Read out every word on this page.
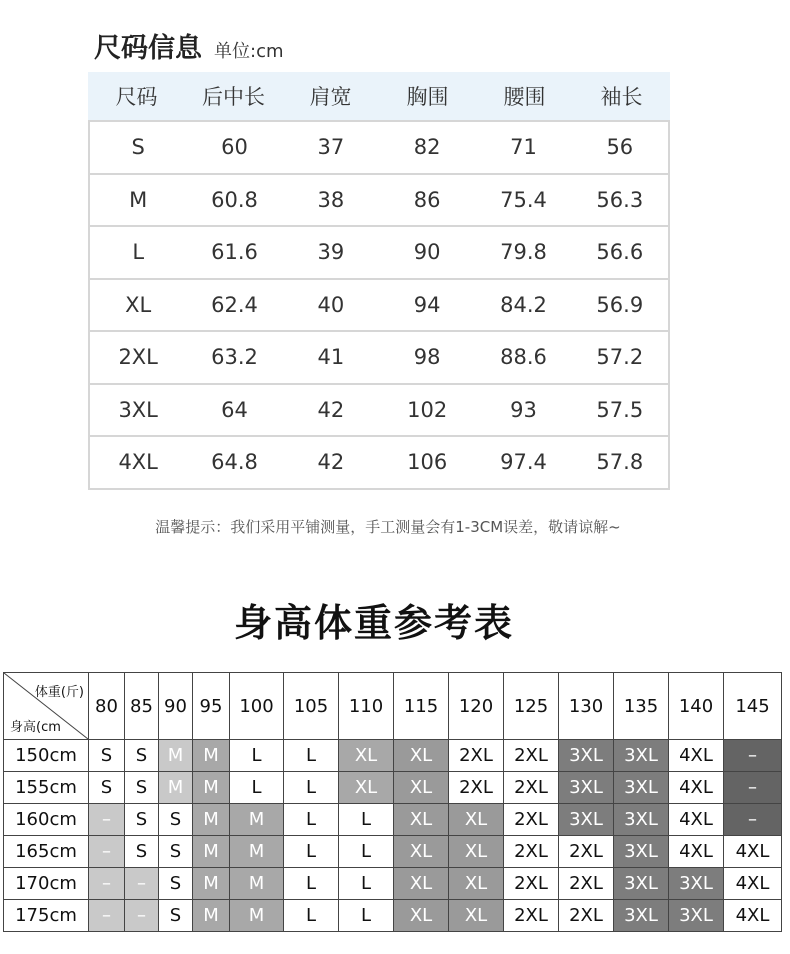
尺码信息 单位:cm
尺码	后中长	肩宽	胸围	腰围	袖长
S	60	37	82	71	56
M	60.8	38	86	75.4	56.3
L	61.6	39	90	79.8	56.6
XL	62.4	40	94	84.2	56.9
2XL	63.2	41	98	88.6	57.2
3XL	64	42	102	93	57.5
4XL	64.8	42	106	97.4	57.8
温馨提示：我们采用平铺测量，手工测量会有1-3CM误差，敬请谅解~
身高体重参考表
体重(斤)
身高(cm	80	85	90	95	100	105	110	115	120	125	130	135	140	145
150cm	S	S	M	M	L	L	XL	XL	2XL	2XL	3XL	3XL	4XL	–
155cm	S	S	M	M	L	L	XL	XL	2XL	2XL	3XL	3XL	4XL	–
160cm	–	S	S	M	M	L	L	XL	XL	2XL	3XL	3XL	4XL	–
165cm	–	S	S	M	M	L	L	XL	XL	2XL	2XL	3XL	4XL	4XL
170cm	–	–	S	M	M	L	L	XL	XL	2XL	2XL	3XL	3XL	4XL
175cm	–	–	S	M	M	L	L	XL	XL	2XL	2XL	3XL	3XL	4XL
